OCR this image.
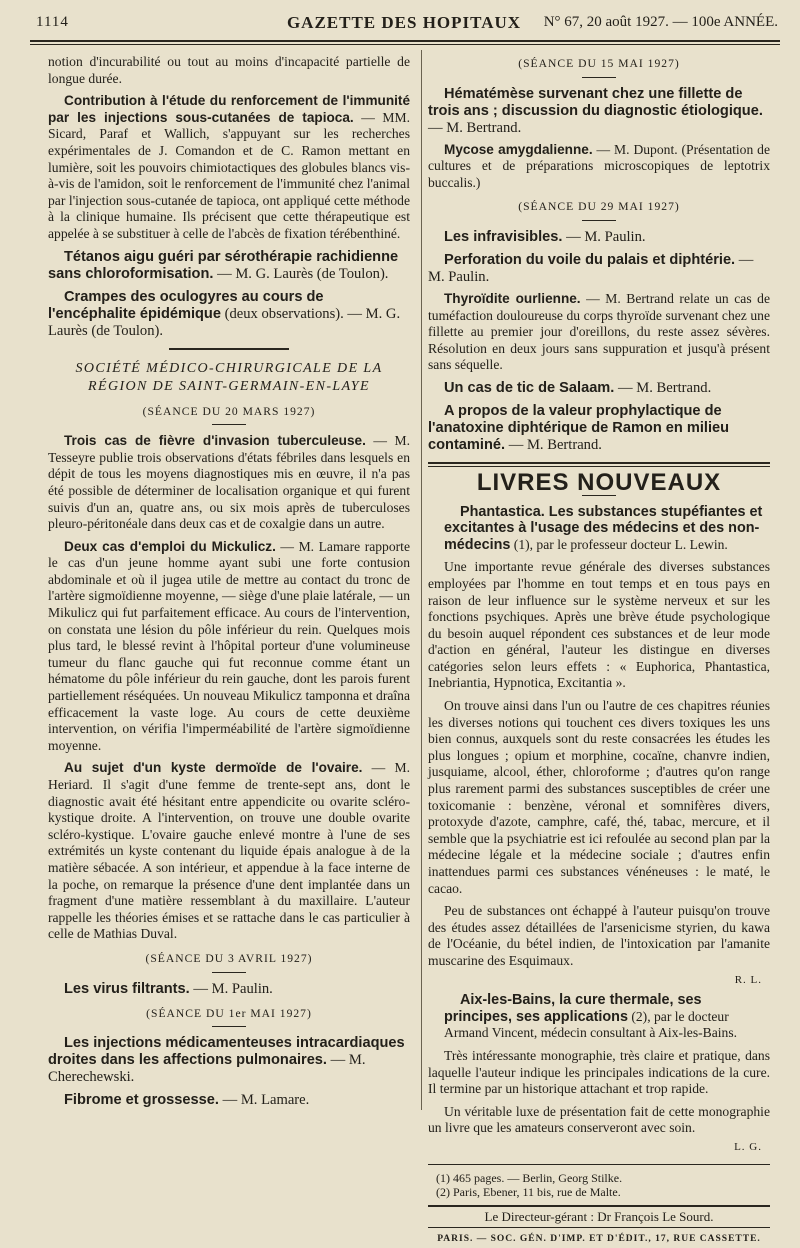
1114	GAZETTE DES HOPITAUX	N° 67, 20 août 1927. — 100e ANNÉE.

notion d'incurabilité ou tout au moins d'incapacité partielle de longue durée.

Contribution à l'étude du renforcement de l'immunité par les injections sous-cutanées de tapioca. — MM. Sicard, Paraf et Wallich, s'appuyant sur les recherches expérimentales de J. Comandon et de C. Ramon mettant en lumière, soit les pouvoirs chimiotactiques des globules blancs vis-à-vis de l'amidon, soit le renforcement de l'immunité chez l'animal par l'injection sous-cutanée de tapioca, ont appliqué cette méthode à la clinique humaine. Ils précisent que cette thérapeutique est appelée à se substituer à celle de l'abcès de fixation térébenthiné.

Tétanos aigu guéri par sérothérapie rachidienne sans chloroformisation. — M. G. Laurès (de Toulon).
Crampes des oculogyres au cours de l'encéphalite épidémique (deux observations). — M. G. Laurès (de Toulon).
SOCIÉTÉ MÉDICO-CHIRURGICALE DE LA RÉGION DE SAINT-GERMAIN-EN-LAYE
(SÉANCE DU 20 MARS 1927)

Trois cas de fièvre d'invasion tuberculeuse. — M. Tesseyre publie trois observations d'états fébriles dans lesquels en dépit de tous les moyens diagnostiques mis en œuvre, il n'a pas été possible de déterminer de localisation organique et qui furent suivis d'un an, quatre ans, ou six mois après de tuberculoses pleuro-péritonéale dans deux cas et de coxalgie dans un autre.

Deux cas d'emploi du Mickulicz. — M. Lamare rapporte le cas d'un jeune homme ayant subi une forte contusion abdominale et où il jugea utile de mettre au contact du tronc de l'artère sigmoïdienne moyenne, — siège d'une plaie latérale, — un Mikulicz qui fut parfaitement efficace. Au cours de l'intervention, on constata une lésion du pôle inférieur du rein. Quelques mois plus tard, le blessé revint à l'hôpital porteur d'une volumineuse tumeur du flanc gauche qui fut reconnue comme étant un hématome du pôle inférieur du rein gauche, dont les parois furent partiellement réséquées. Un nouveau Mikulicz tamponna et draîna efficacement la vaste loge. Au cours de cette deuxième intervention, on vérifia l'imperméabilité de l'artère sigmoïdienne moyenne.

Au sujet d'un kyste dermoïde de l'ovaire. — M. Heriard. Il s'agit d'une femme de trente-sept ans, dont le diagnostic avait été hésitant entre appendicite ou ovarite scléro-kystique droite. A l'intervention, on trouve une double ovarite scléro-kystique. L'ovaire gauche enlevé montre à l'une de ses extrémités un kyste contenant du liquide épais analogue à de la matière sébacée. A son intérieur, et appendue à la face interne de la poche, on remarque la présence d'une dent implantée dans un fragment d'une matière ressemblant à du maxillaire. L'auteur rappelle les théories émises et se rattache dans le cas particulier à celle de Mathias Duval.

(SÉANCE DU 3 AVRIL 1927)
Les virus filtrants. — M. Paulin.
(SÉANCE DU 1er MAI 1927)
Les injections médicamenteuses intracardiaques droites dans les affections pulmonaires. — M. Cherechewski.
Fibrome et grossesse. — M. Lamare.
(SÉANCE DU 15 MAI 1927)
Hématémèse survenant chez une fillette de trois ans ; discussion du diagnostic étiologique. — M. Bertrand.

Mycose amygdalienne. — M. Dupont. (Présentation de cultures et de préparations microscopiques de leptotrix buccalis.)

(SÉANCE DU 29 MAI 1927)
Les infravisibles. — M. Paulin.
Perforation du voile du palais et diphtérie. — M. Paulin.

Thyroïdite ourlienne. — M. Bertrand relate un cas de tuméfaction douloureuse du corps thyroïde survenant chez une fillette au premier jour d'oreillons, du reste assez sévères. Résolution en deux jours sans suppuration et jusqu'à présent sans séquelle.

Un cas de tic de Salaam. — M. Bertrand.
A propos de la valeur prophylactique de l'anatoxine diphtérique de Ramon en milieu contaminé. — M. Bertrand.
LIVRES NOUVEAUX

Phantastica. Les substances stupéfiantes et excitantes à l'usage des médecins et des non-médecins (1), par le professeur docteur L. Lewin.

Une importante revue générale des diverses substances employées par l'homme en tout temps et en tous pays en raison de leur influence sur le système nerveux et sur les fonctions psychiques. Après une brève étude psychologique du besoin auquel répondent ces substances et de leur mode d'action en général, l'auteur les distingue en diverses catégories selon leurs effets : « Euphorica, Phantastica, Inebriantia, Hypnotica, Excitantia ».

On trouve ainsi dans l'un ou l'autre de ces chapitres réunies les diverses notions qui touchent ces divers toxiques les uns bien connus, auxquels sont du reste consacrées les études les plus longues ; opium et morphine, cocaïne, chanvre indien, jusquiame, alcool, éther, chloroforme ; d'autres qu'on range plus rarement parmi des substances susceptibles de créer une toxicomanie : benzène, véronal et somnifères divers, protoxyde d'azote, camphre, café, thé, tabac, mercure, et il semble que la psychiatrie est ici refoulée au second plan par la médecine légale et la médecine sociale ; d'autres enfin inattendues parmi ces substances vénéneuses : le maté, le cacao.

Peu de substances ont échappé à l'auteur puisqu'on trouve des études assez détaillées de l'arsenicisme styrien, du kawa de l'Océanie, du bétel indien, de l'intoxication par l'amanite muscarine des Esquimaux.

R. L.

Aix-les-Bains, la cure thermale, ses principes, ses applications (2), par le docteur Armand Vincent, médecin consultant à Aix-les-Bains.

Très intéressante monographie, très claire et pratique, dans laquelle l'auteur indique les principales indications de la cure. Il termine par un historique attachant et trop rapide.

Un véritable luxe de présentation fait de cette monographie un livre que les amateurs conserveront avec soin.

L. G.
(1) 465 pages. — Berlin, Georg Stilke.
(2) Paris, Ebener, 11 bis, rue de Malte.
Le Directeur-gérant : Dr François Le Sourd.
PARIS. — SOC. GÉN. D'IMP. ET D'ÉDIT., 17, RUE CASSETTE.
